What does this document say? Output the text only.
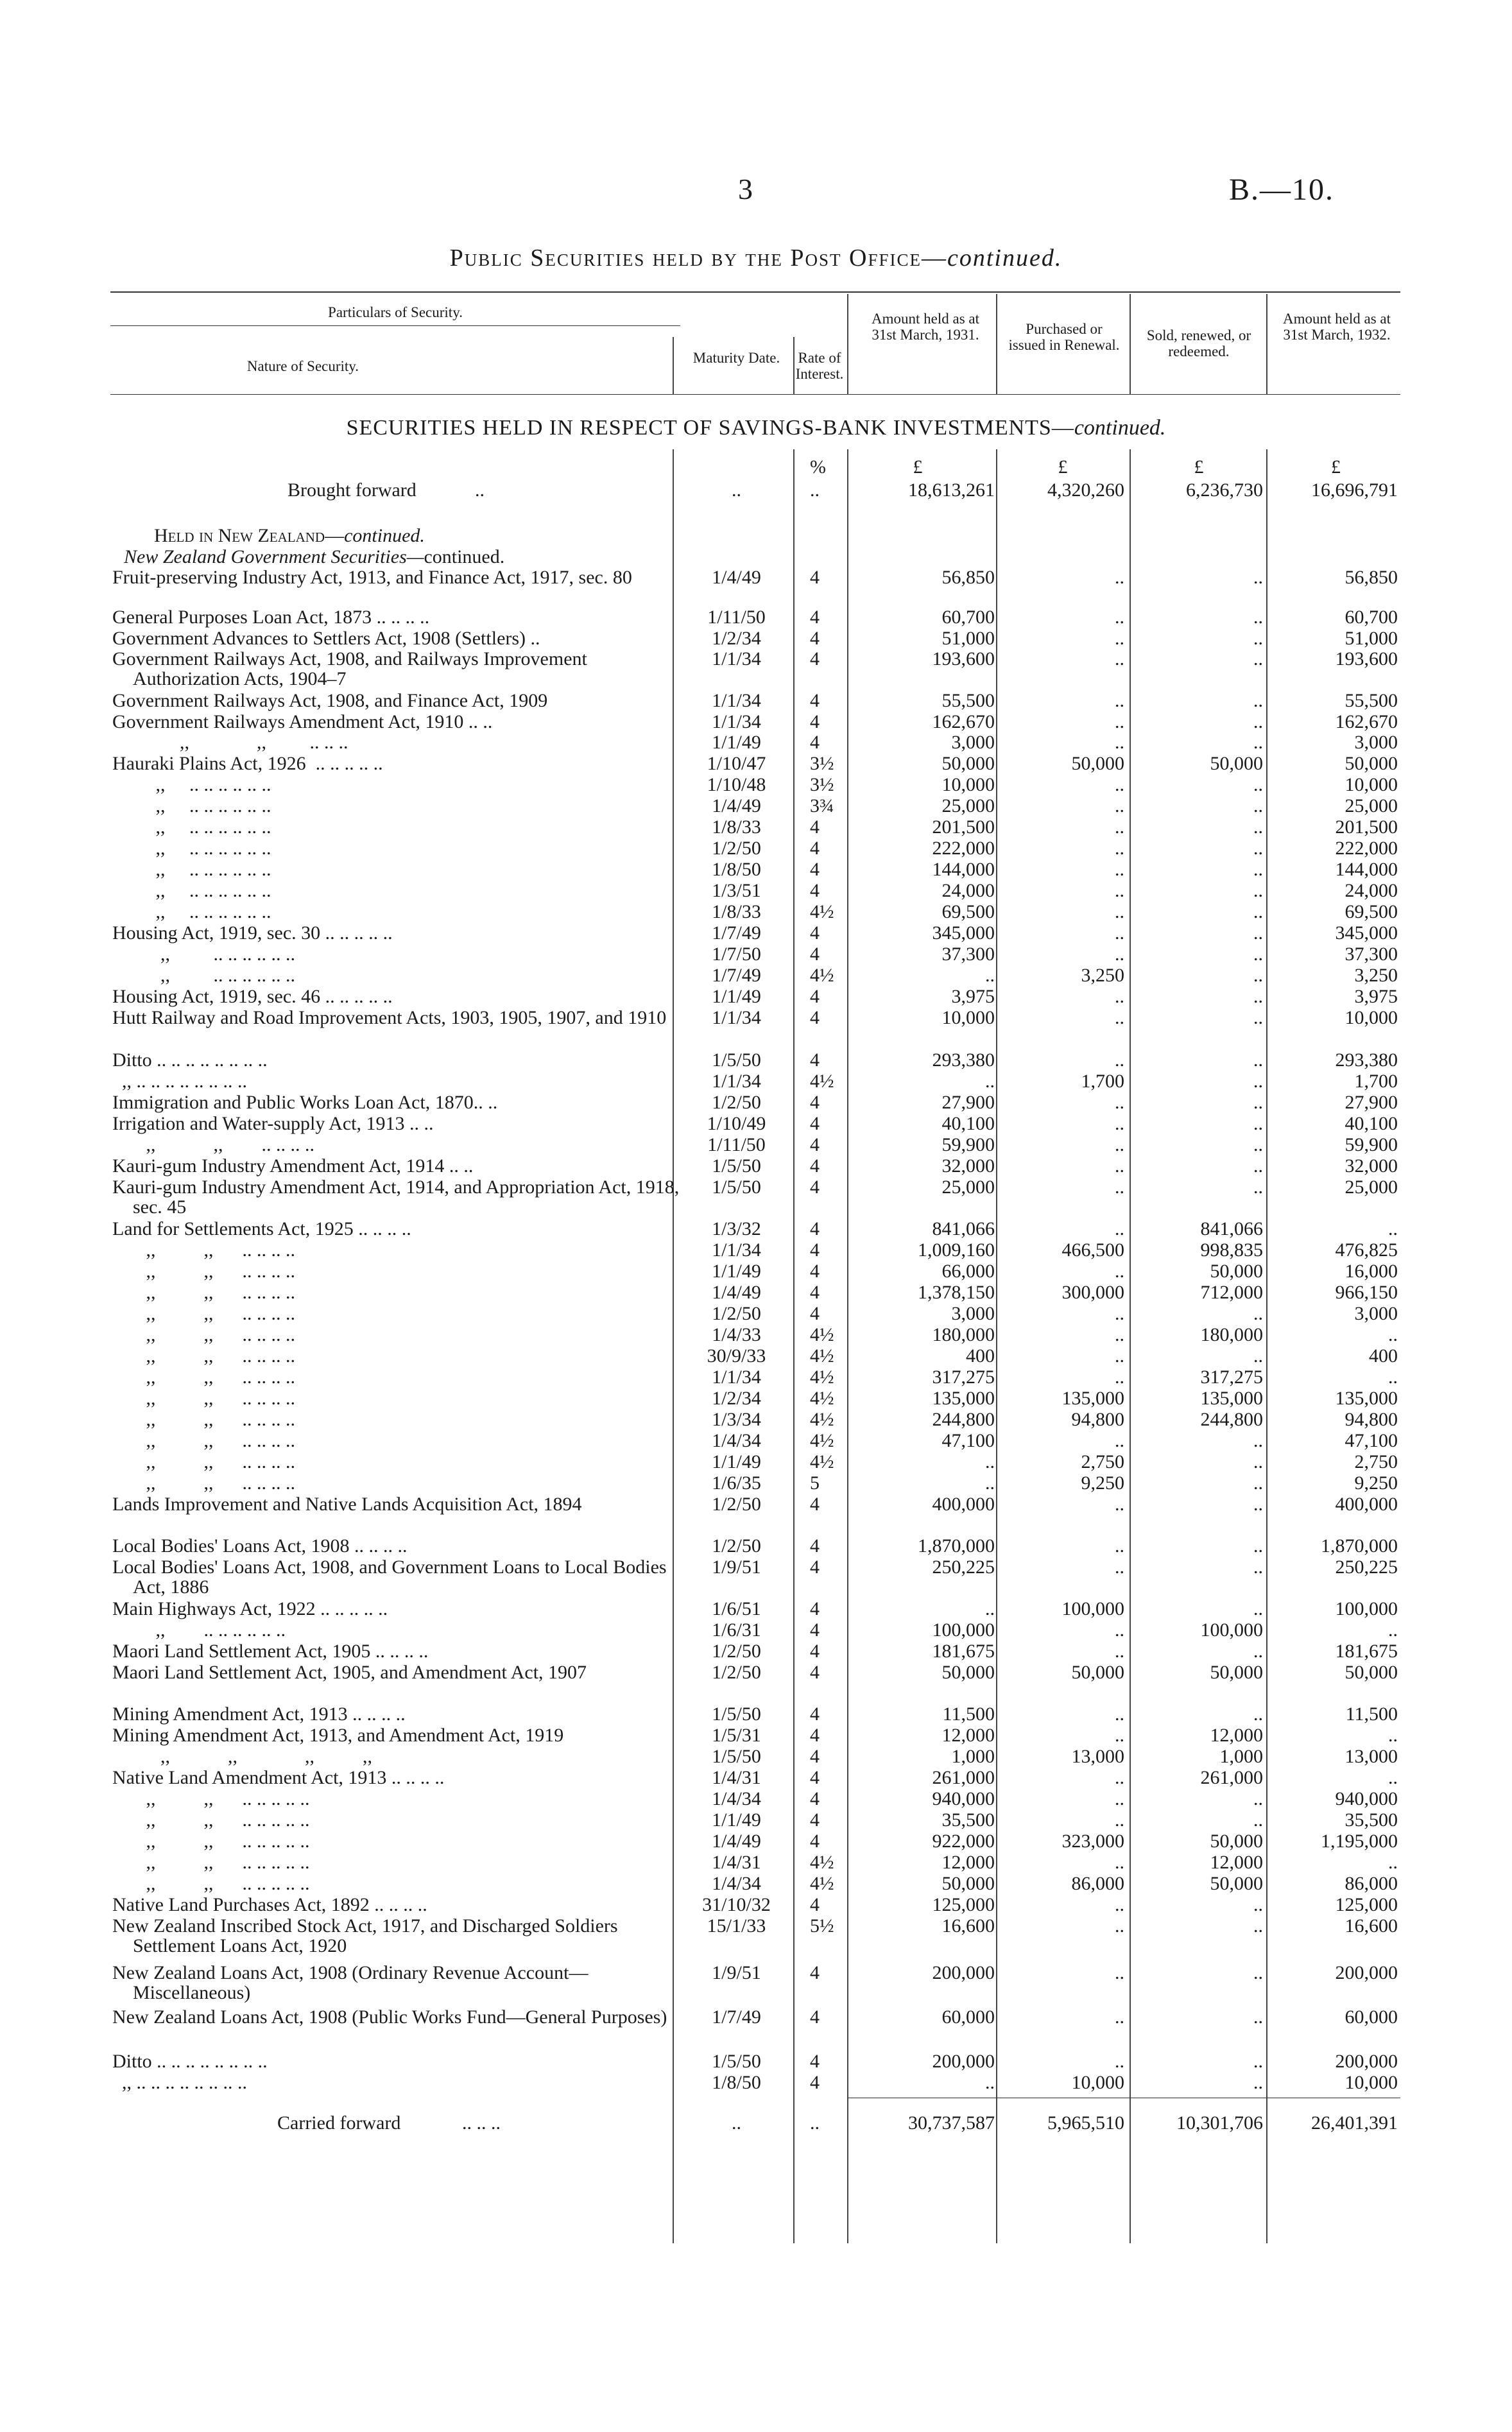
3	B.—10.
Public Securities held by the Post Office—continued.
Particulars of Security.
Nature of Security.
Maturity Date.	Rate of Interest.
Amount held as at 31st March, 1931.	Purchased or issued in Renewal.
Sold, renewed, or redeemed.
Amount held as at 31st March, 1932.
SECURITIES HELD IN RESPECT OF SAVINGS-BANK INVESTMENTS—continued.
%	£	£	£	£
Brought forward	..	..	..	18,613,261	4,320,260	6,236,730	16,696,791
Held in New Zealand—continued.
New Zealand Government Securities—continued.
Fruit-preserving Industry Act, 1913, and Finance Act, 1917, sec. 80	1/4/49	4	56,850	..	..	56,850
General Purposes Loan Act, 1873 .. .. .. ..	1/11/50	4	60,700	..	..	60,700
Government Advances to Settlers Act, 1908 (Settlers) ..	1/2/34	4	51,000	..	..	51,000
Government Railways Act, 1908, and Railways Improvement Authorization Acts, 1904–7
1/1/34	4	193,600	..	..	193,600
Government Railways Act, 1908, and Finance Act, 1909	1/1/34	4	55,500	..	..	55,500
Government Railways Amendment Act, 1910 .. ..	1/1/34	4	162,670	..	..	162,670
,,              ,,         .. .. ..	1/1/49	4	3,000	..	..	3,000
Hauraki Plains Act, 1926  .. .. .. .. ..	1/10/47	3½	50,000	50,000	50,000	50,000
,,     .. .. .. .. .. ..	1/10/48	3½	10,000	..	..	10,000
,,     .. .. .. .. .. ..	1/4/49	3¾	25,000	..	..	25,000
,,     .. .. .. .. .. ..	1/8/33	4	201,500	..	..	201,500
,,     .. .. .. .. .. ..	1/2/50	4	222,000	..	..	222,000
,,     .. .. .. .. .. ..	1/8/50	4	144,000	..	..	144,000
,,     .. .. .. .. .. ..	1/3/51	4	24,000	..	..	24,000
,,     .. .. .. .. .. ..	1/8/33	4½	69,500	..	..	69,500
Housing Act, 1919, sec. 30 .. .. .. .. ..	1/7/49	4	345,000	..	..	345,000
,,         .. .. .. .. .. ..	1/7/50	4	37,300	..	..	37,300
,,         .. .. .. .. .. ..	1/7/49	4½	..	3,250	..	3,250
Housing Act, 1919, sec. 46 .. .. .. .. ..	1/1/49	4	3,975	..	..	3,975
Hutt Railway and Road Improvement Acts, 1903, 1905, 1907, and 1910	1/1/34	4	10,000	..	..	10,000
Ditto .. .. .. .. .. .. .. ..	1/5/50	4	293,380	..	..	293,380
,, .. .. .. .. .. .. .. ..	1/1/34	4½	..	1,700	..	1,700
Immigration and Public Works Loan Act, 1870.. ..	1/2/50	4	27,900	..	..	27,900
Irrigation and Water-supply Act, 1913 .. ..	1/10/49	4	40,100	..	..	40,100
,,            ,,        .. .. .. ..	1/11/50	4	59,900	..	..	59,900
Kauri-gum Industry Amendment Act, 1914 .. ..	1/5/50	4	32,000	..	..	32,000
Kauri-gum Industry Amendment Act, 1914, and Appropriation Act, 1918, sec. 45
1/5/50	4	25,000	..	..	25,000
Land for Settlements Act, 1925 .. .. .. ..	1/3/32	4	841,066	..	841,066	..
,,          ,,      .. .. .. ..	1/1/34	4	1,009,160	466,500	998,835	476,825
,,          ,,      .. .. .. ..	1/1/49	4	66,000	..	50,000	16,000
,,          ,,      .. .. .. ..	1/4/49	4	1,378,150	300,000	712,000	966,150
,,          ,,      .. .. .. ..	1/2/50	4	3,000	..	..	3,000
,,          ,,      .. .. .. ..	1/4/33	4½	180,000	..	180,000	..
,,          ,,      .. .. .. ..	30/9/33	4½	400	..	..	400
,,          ,,      .. .. .. ..	1/1/34	4½	317,275	..	317,275	..
,,          ,,      .. .. .. ..	1/2/34	4½	135,000	135,000	135,000	135,000
,,          ,,      .. .. .. ..	1/3/34	4½	244,800	94,800	244,800	94,800
,,          ,,      .. .. .. ..	1/4/34	4½	47,100	..	..	47,100
,,          ,,      .. .. .. ..	1/1/49	4½	..	2,750	..	2,750
,,          ,,      .. .. .. ..	1/6/35	5	..	9,250	..	9,250
Lands Improvement and Native Lands Acquisition Act, 1894	1/2/50	4	400,000	..	..	400,000
Local Bodies' Loans Act, 1908 .. .. .. ..	1/2/50	4	1,870,000	..	..	1,870,000
Local Bodies' Loans Act, 1908, and Government Loans to Local Bodies Act, 1886
1/9/51	4	250,225	..	..	250,225
Main Highways Act, 1922 .. .. .. .. ..	1/6/51	4	..	100,000	..	100,000
,,        .. .. .. .. .. ..	1/6/31	4	100,000	..	100,000	..
Maori Land Settlement Act, 1905 .. .. .. ..	1/2/50	4	181,675	..	..	181,675
Maori Land Settlement Act, 1905, and Amendment Act, 1907	1/2/50	4	50,000	50,000	50,000	50,000
Mining Amendment Act, 1913 .. .. .. ..	1/5/50	4	11,500	..	..	11,500
Mining Amendment Act, 1913, and Amendment Act, 1919	1/5/31	4	12,000	..	12,000	..
,,            ,,              ,,          ,,	1/5/50	4	1,000	13,000	1,000	13,000
Native Land Amendment Act, 1913 .. .. .. ..	1/4/31	4	261,000	..	261,000	..
,,          ,,      .. .. .. .. ..	1/4/34	4	940,000	..	..	940,000
,,          ,,      .. .. .. .. ..	1/1/49	4	35,500	..	..	35,500
,,          ,,      .. .. .. .. ..	1/4/49	4	922,000	323,000	50,000	1,195,000
,,          ,,      .. .. .. .. ..	1/4/31	4½	12,000	..	12,000	..
,,          ,,      .. .. .. .. ..	1/4/34	4½	50,000	86,000	50,000	86,000
Native Land Purchases Act, 1892 .. .. .. ..	31/10/32	4	125,000	..	..	125,000
New Zealand Inscribed Stock Act, 1917, and Discharged Soldiers Settlement Loans Act, 1920
15/1/33	5½	16,600	..	..	16,600
New Zealand Loans Act, 1908 (Ordinary Revenue Account—Miscellaneous)
1/9/51	4	200,000	..	..	200,000
New Zealand Loans Act, 1908 (Public Works Fund—General Purposes)	1/7/49	4	60,000	..	..	60,000
Ditto .. .. .. .. .. .. .. ..	1/5/50	4	200,000	..	..	200,000
,, .. .. .. .. .. .. .. ..	1/8/50	4	..	10,000	..	10,000
Carried forward	.. .. ..	..	..	30,737,587	5,965,510	10,301,706	26,401,391
